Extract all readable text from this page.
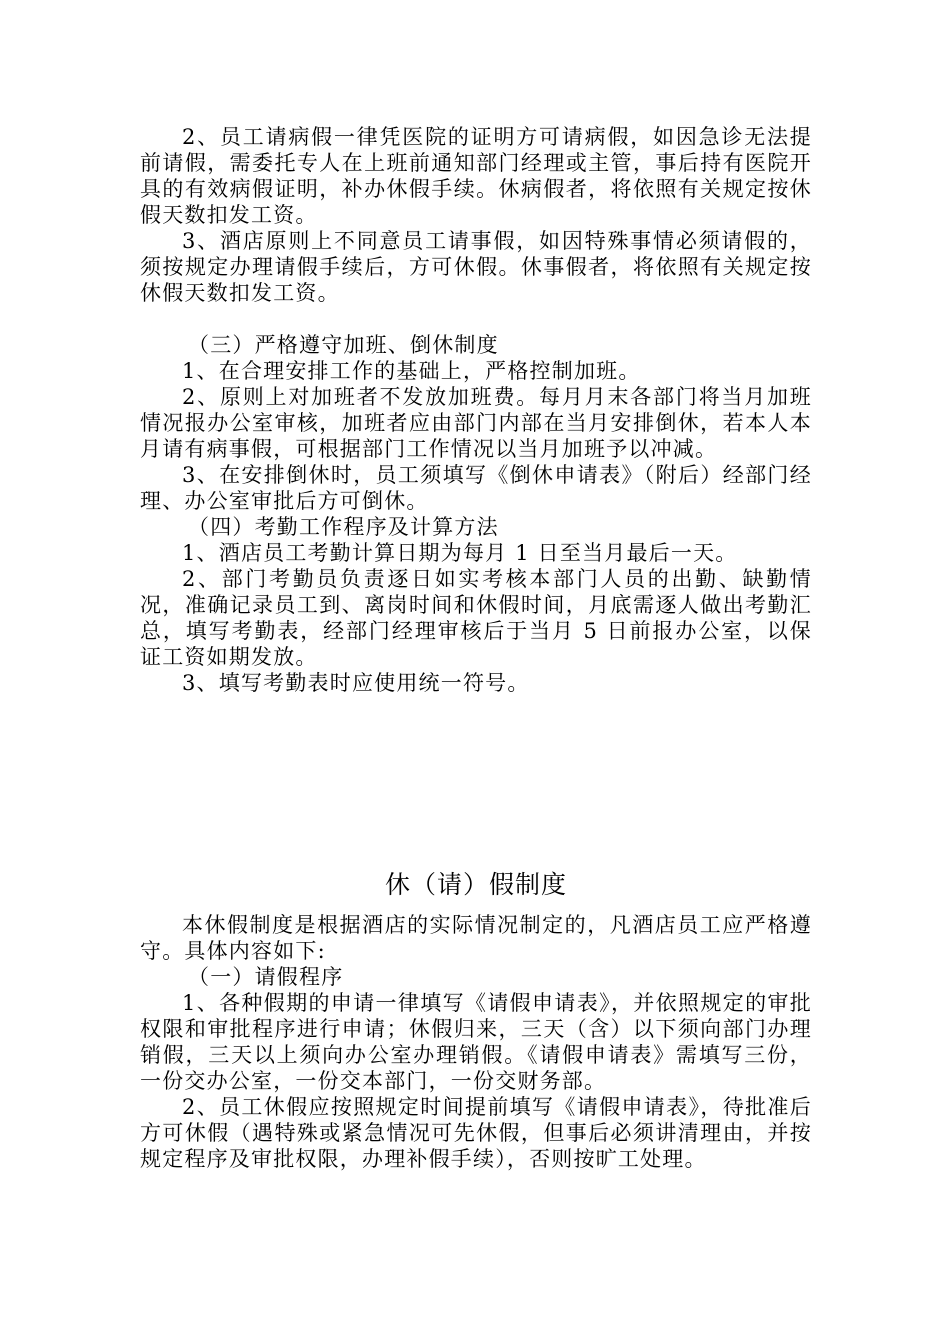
2、员工请病假一律凭医院的证明方可请病假，如因急诊无法提前请假，需委托专人在上班前通知部门经理或主管，事后持有医院开具的有效病假证明，补办休假手续。休病假者，将依照有关规定按休假天数扣发工资。

3、酒店原则上不同意员工请事假，如因特殊事情必须请假的，须按规定办理请假手续后，方可休假。休事假者，将依照有关规定按休假天数扣发工资。

（三）严格遵守加班、倒休制度

1、在合理安排工作的基础上，严格控制加班。

2、原则上对加班者不发放加班费。每月月末各部门将当月加班情况报办公室审核，加班者应由部门内部在当月安排倒休，若本人本月请有病事假，可根据部门工作情况以当月加班予以冲减。

3、在安排倒休时，员工须填写《倒休申请表》（附后）经部门经理、办公室审批后方可倒休。

（四）考勤工作程序及计算方法

1、酒店员工考勤计算日期为每月 1 日至当月最后一天。

2、部门考勤员负责逐日如实考核本部门人员的出勤、缺勤情况，准确记录员工到、离岗时间和休假时间，月底需逐人做出考勤汇总，填写考勤表，经部门经理审核后于当月 5 日前报办公室，以保证工资如期发放。

3、填写考勤表时应使用统一符号。

休（请）假制度

本休假制度是根据酒店的实际情况制定的，凡酒店员工应严格遵守。具体内容如下:

（一）请假程序

1、各种假期的申请一律填写《请假申请表》，并依照规定的审批权限和审批程序进行申请；休假归来，三天（含）以下须向部门办理销假，三天以上须向办公室办理销假。《请假申请表》需填写三份，一份交办公室，一份交本部门，一份交财务部。

2、员工休假应按照规定时间提前填写《请假申请表》，待批准后方可休假（遇特殊或紧急情况可先休假，但事后必须讲清理由，并按规定程序及审批权限，办理补假手续），否则按旷工处理。
